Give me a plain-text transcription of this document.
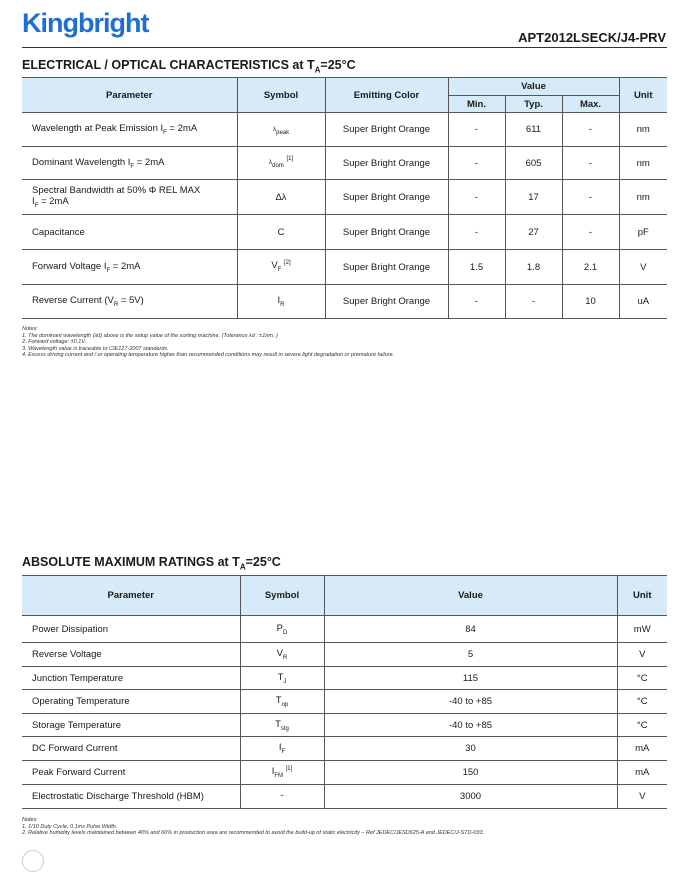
Kingbright	APT2012LSECK/J4-PRV
ELECTRICAL / OPTICAL CHARACTERISTICS at $T_A=25^\circ C$
Parameter	Symbol	Emitting Color	Value			Unit
			Min.	Typ.	Max.	
Wavelength at Peak Emission $I_F = 2mA$	$\lambda_{peak}$	Super Bright Orange	-	611	-	nm
Dominant Wavelength $I_F = 2mA$	$\lambda_{dom}$ [1]	Super Bright Orange	-	605	-	nm

Spectral Bandwidth at 50% Φ REL MAX
$I_F = 2mA$	Δλ	Super Bright Orange	-	17	-	nm
Capacitance	C	Super Bright Orange	-	27	-	pF
Forward Voltage $I_F = 2mA$	$V_F$ [2]	Super Bright Orange	1.5	1.8	2.1	V
Reverse Current $(V_R = 5V)$	$I_R$	Super Bright Orange	-	-	10	uA
Notes:
1. The dominant wavelength (λd) above is the setup value of the sorting machine. (Tolerance λd : ±1nm. )
2. Forward voltage: ±0.1V.
3. Wavelength value is traceable to CIE127-2007 standards.
4. Excess driving current and / or operating temperature higher than recommended conditions may result in severe light degradation or premature failure.
ABSOLUTE MAXIMUM RATINGS at $T_A=25^\circ C$
Parameter	Symbol	Value	Unit
Power Dissipation	$P_D$	84	mW
Reverse Voltage	$V_R$	5	V
Junction Temperature	$T_J$	115	°C
Operating Temperature	$T_{op}$	-40 to +85	°C
Storage Temperature	$T_{stg}$	-40 to +85	°C
DC Forward Current	$I_F$	30	mA
Peak Forward Current	$I_{FM}$ [1]	150	mA
Electrostatic Discharge Threshold (HBM)	-	3000	V
Notes:
1. 1/10 Duty Cycle, 0.1ms Pulse Width.
2. Relative humidity levels maintained between 40% and 60% in production area are recommended to avoid the build-up of static electricity – Ref JEDEC/JESD625-A and JEDEC/J-STD-033.
